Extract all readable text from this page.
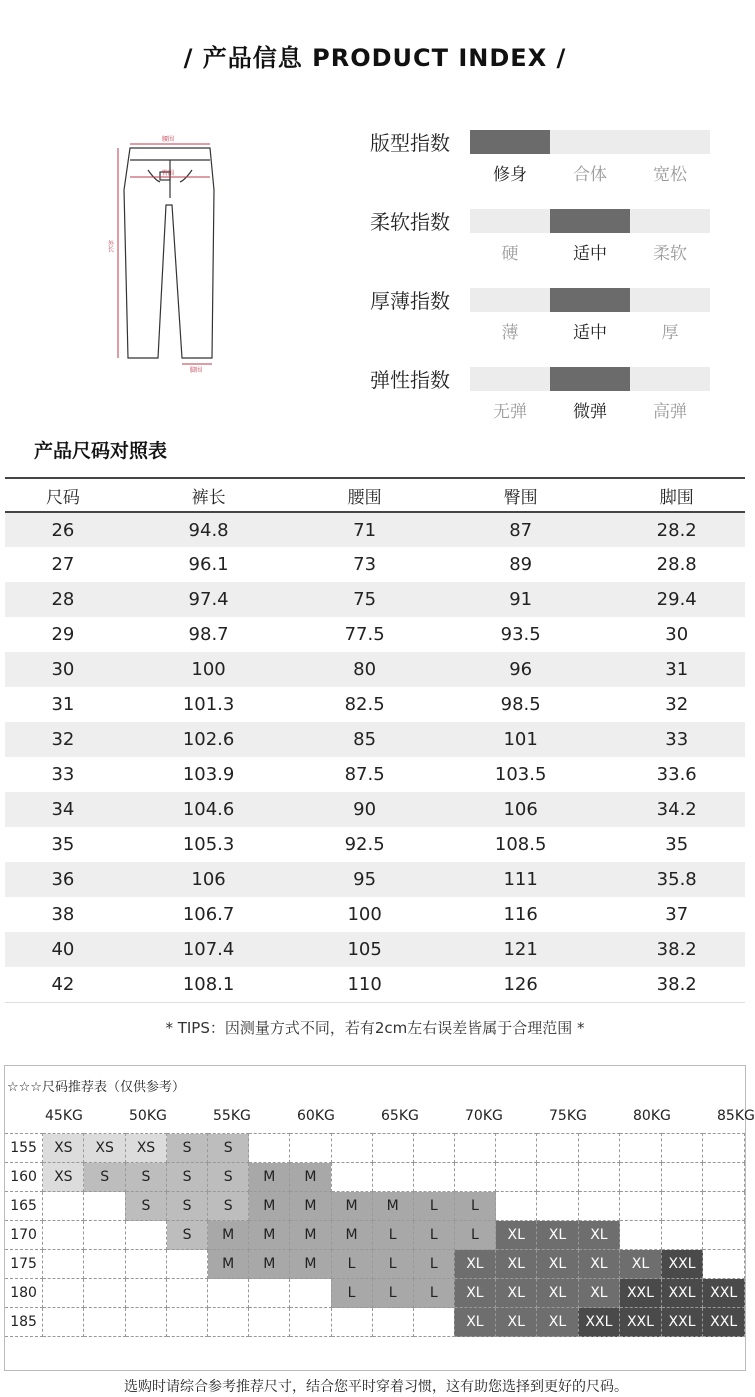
/ 产品信息 PRODUCT INDEX /
腰围
臀围
外长
脚围
版型指数
修身	合体	宽松
柔软指数
硬	适中	柔软
厚薄指数
薄	适中	厚
弹性指数
无弹	微弹	高弹
产品尺码对照表
尺码	裤长	腰围	臀围	脚围
26	94.8	71	87	28.2
27	96.1	73	89	28.8
28	97.4	75	91	29.4
29	98.7	77.5	93.5	30
30	100	80	96	31
31	101.3	82.5	98.5	32
32	102.6	85	101	33
33	103.9	87.5	103.5	33.6
34	104.6	90	106	34.2
35	105.3	92.5	108.5	35
36	106	95	111	35.8
38	106.7	100	116	37
40	107.4	105	121	38.2
42	108.1	110	126	38.2
* TIPS：因测量方式不同，若有2cm左右误差皆属于合理范围 *
☆☆☆尺码推荐表（仅供参考）
45KG	50KG	55KG	60KG	65KG	70KG	75KG	80KG	85KG
155	XS	XS	XS	S	S												
160	XS	S	S	S	S	M	M										
165			S	S	S	M	M	M	M	L	L						
170				S	M	M	M	M	L	L	L	XL	XL	XL			
175					M	M	M	L	L	L	XL	XL	XL	XL	XL	XXL	
180								L	L	L	XL	XL	XL	XL	XXL	XXL	XXL
185											XL	XL	XL	XXL	XXL	XXL	XXL
选购时请综合参考推荐尺寸，结合您平时穿着习惯，这有助您选择到更好的尺码。
